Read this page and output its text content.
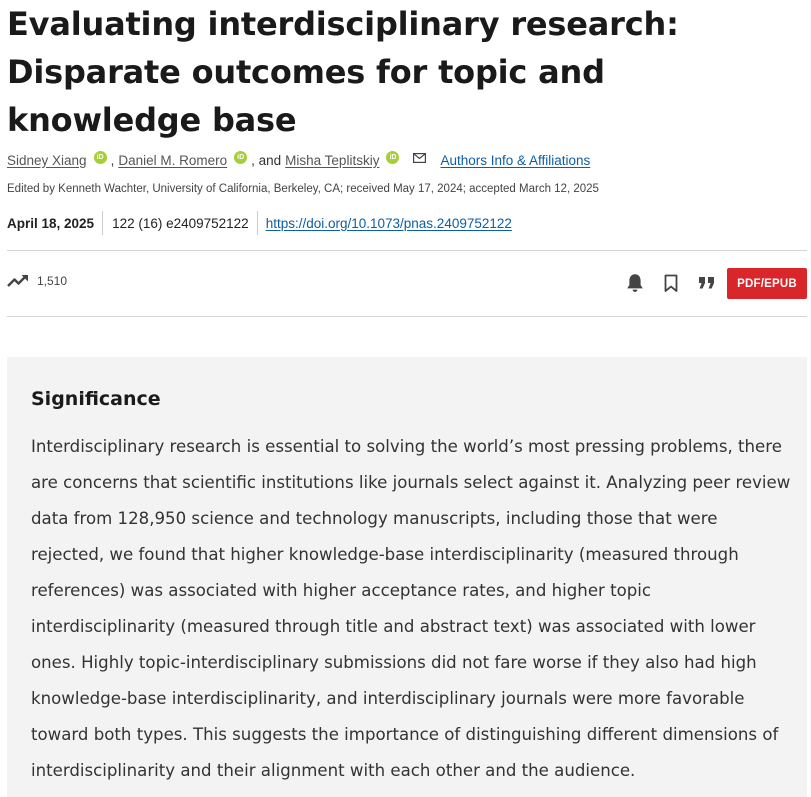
Evaluating interdisciplinary research: Disparate outcomes for topic and knowledge base
Sidney Xiang	iD , Daniel M. Romero	iD , and Misha Teplitskiy	iD	Authors Info & Affiliations
Edited by Kenneth Wachter, University of California, Berkeley, CA; received May 17, 2024; accepted March 12, 2025
April 18, 2025	122 (16) e2409752122	https://doi.org/10.1073/pnas.2409752122
1,510	PDF/EPUB
Significance

Interdisciplinary research is essential to solving the world’s most pressing problems, there are concerns that scientific institutions like journals select against it. Analyzing peer review data from 128,950 science and technology manuscripts, including those that were rejected, we found that higher knowledge-base interdisciplinarity (measured through references) was associated with higher acceptance rates, and higher topic interdisciplinarity (measured through title and abstract text) was associated with lower ones. Highly topic-interdisciplinary submissions did not fare worse if they also had high knowledge-base interdisciplinarity, and interdisciplinary journals were more favorable toward both types. This suggests the importance of distinguishing different dimensions of interdisciplinarity and their alignment with each other and the audience.
